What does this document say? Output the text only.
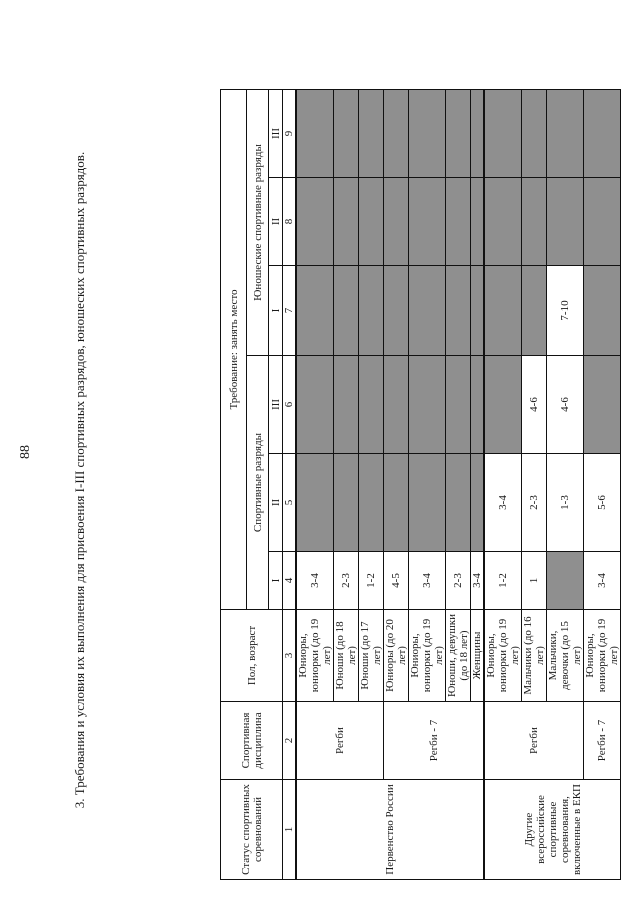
88	3. Требования и условия их выполнения для присвоения I-III спортивных разрядов, юношеских спортивных разрядов.
Статус спортивных соревнований	Спортивная дисциплина	Пол, возраст	Требование: занять место					
			Спортивные разряды			Юношеские спортивные разряды		
			I	II	III	I	II	III
1	2	3	4	5	6	7	8	9
Первенство России	Регби	Юниоры, юниорки (до 19 лет)	3-4					
		Юноши (до 18 лет)	2-3					
		Юноши (до 17 лет)	1-2					
	Регби - 7	Юниоры (до 20 лет)	4-5					
		Юниоры, юниорки (до 19 лет)	3-4					
		Юноши, девушки (до 18 лет)	2-3					
		Женщины	3-4					
Другие всероссийские спортивные соревнования, включенные в ЕКП	Регби	Юниоры, юниорки (до 19 лет)	1-2	3-4				
		Мальчики (до 16 лет)	1	2-3	4-6			
		Мальчики, девочки (до 15 лет)		1-3	4-6	7-10		
	Регби - 7	Юниоры, юниорки (до 19 лет)	3-4	5-6				
